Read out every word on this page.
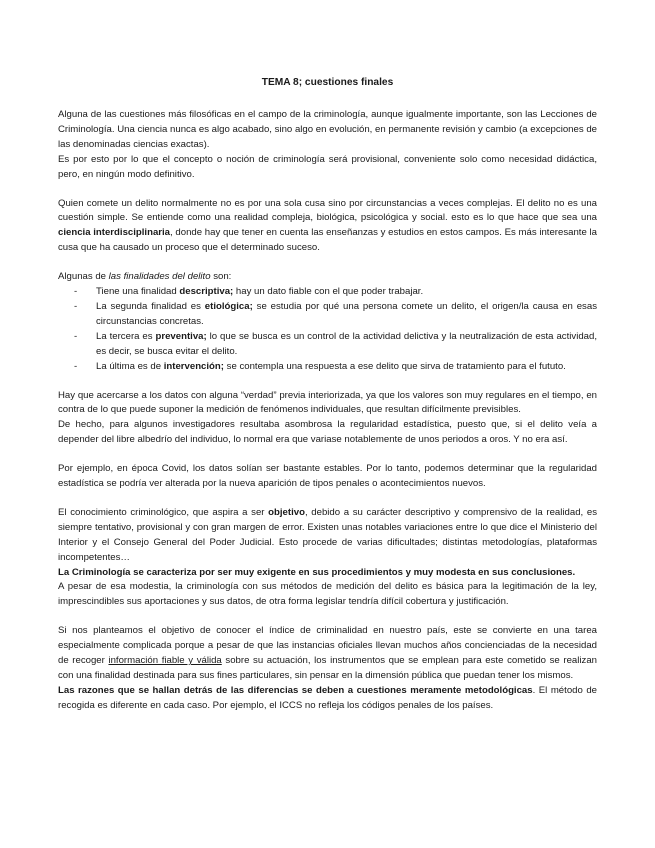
TEMA 8; cuestiones finales

Alguna de las cuestiones más filosóficas en el campo de la criminología, aunque igualmente importante, son las Lecciones de Criminología. Una ciencia nunca es algo acabado, sino algo en evolución, en permanente revisión y cambio (a excepciones de las denominadas ciencias exactas).

Es por esto por lo que el concepto o noción de criminología será provisional, conveniente solo como necesidad didáctica, pero, en ningún modo definitivo.

Quien comete un delito normalmente no es por una sola cusa sino por circunstancias a veces complejas. El delito no es una cuestión simple. Se entiende como una realidad compleja, biológica, psicológica y social. esto es lo que hace que sea una ciencia interdisciplinaria, donde hay que tener en cuenta las enseñanzas y estudios en estos campos. Es más interesante la cusa que ha causado un proceso que el determinado suceso.

Algunas de las finalidades del delito son:

- Tiene una finalidad descriptiva; hay un dato fiable con el que poder trabajar.
- La segunda finalidad es etiológica; se estudia por qué una persona comete un delito, el origen/la causa en esas circunstancias concretas.
- La tercera es preventiva; lo que se busca es un control de la actividad delictiva y la neutralización de esta actividad, es decir, se busca evitar el delito.
- La última es de intervención; se contempla una respuesta a ese delito que sirva de tratamiento para el fututo.

Hay que acercarse a los datos con alguna “verdad” previa interiorizada, ya que los valores son muy regulares en el tiempo, en contra de lo que puede suponer la medición de fenómenos individuales, que resultan difícilmente previsibles.

De hecho, para algunos investigadores resultaba asombrosa la regularidad estadística, puesto que, si el delito veía a depender del libre albedrío del individuo, lo normal era que variase notablemente de unos periodos a oros. Y no era así.

Por ejemplo, en época Covid, los datos solían ser bastante estables. Por lo tanto, podemos determinar que la regularidad estadística se podría ver alterada por la nueva aparición de tipos penales o acontecimientos nuevos.

El conocimiento criminológico, que aspira a ser objetivo, debido a su carácter descriptivo y comprensivo de la realidad, es siempre tentativo, provisional y con gran margen de error. Existen unas notables variaciones entre lo que dice el Ministerio del Interior y el Consejo General del Poder Judicial. Esto procede de varias dificultades; distintas metodologías, plataformas incompetentes…

La Criminología se caracteriza por ser muy exigente en sus procedimientos y muy modesta en sus conclusiones.

A pesar de esa modestia, la criminología con sus métodos de medición del delito es básica para la legitimación de la ley, imprescindibles sus aportaciones y sus datos, de otra forma legislar tendría difícil cobertura y justificación.

Si nos planteamos el objetivo de conocer el índice de criminalidad en nuestro país, este se convierte en una tarea especialmente complicada porque a pesar de que las instancias oficiales llevan muchos años concienciadas de la necesidad de recoger información fiable y válida sobre su actuación, los instrumentos que se emplean para este cometido se realizan con una finalidad destinada para sus fines particulares, sin pensar en la dimensión pública que puedan tener los mismos.

Las razones que se hallan detrás de las diferencias se deben a cuestiones meramente metodológicas. El método de recogida es diferente en cada caso. Por ejemplo, el ICCS no refleja los códigos penales de los países.
